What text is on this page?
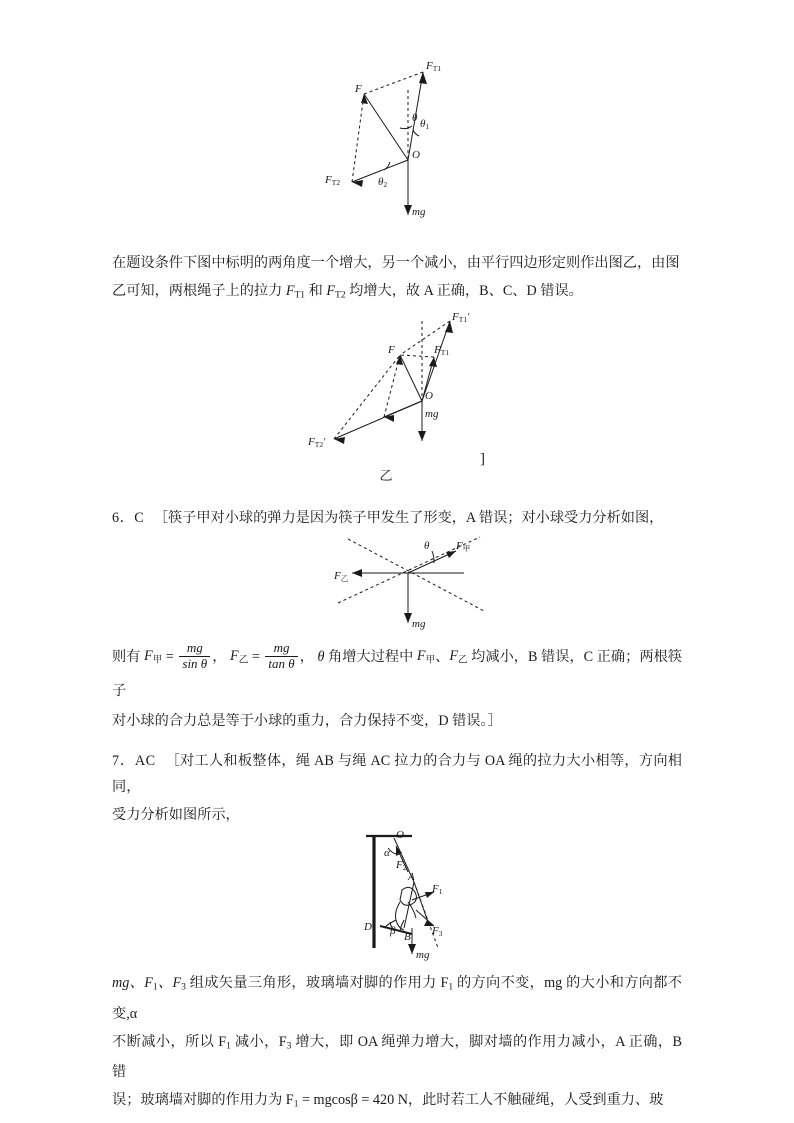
FT1
F
θ θ1
O
FT2	θ2
mg

在题设条件下图中标明的两角度一个增大，另一个减小，由平行四边形定则作出图乙，由图

乙可知，两根绳子上的拉力 $F_{T1}$ 和 $F_{T2}$ 均增大，故 A 正确，B、C、D 错误。

FT1′
FT1
F
O
mg
FT2′
乙
]

6．C ［筷子甲对小球的弹力是因为筷子甲发生了形变，A 错误；对小球受力分析如图，

θ F甲
F乙
mg

则有 $F_甲 = \frac{mg}{\text{sin θ}}$ ， $F_乙 = \frac{mg}{\text{tan θ}}$ ， θ 角增大过程中 $F_甲$、$F_乙$ 均减小，B 错误，C 正确；两根筷子

对小球的合力总是等于小球的重力，合力保持不变，D 错误。］

7．AC ［对工人和板整体，绳 AB 与绳 AC 拉力的合力与 OA 绳的拉力大小相等，方向相同，

受力分析如图所示，

O
α
F2
A
F1
F3
D β B
mg

mg、$F_1$、$F_3$ 组成矢量三角形，玻璃墙对脚的作用力 $F_1$ 的方向不变，mg 的大小和方向都不变,α

不断减小，所以 $F_1$ 减小，$F_3$ 增大，即 OA 绳弹力增大，脚对墙的作用力减小，A 正确，B 错

误；玻璃墙对脚的作用力为 $F_1 = mgcos\beta = 420$ N，此时若工人不触碰绳，人受到重力、玻
